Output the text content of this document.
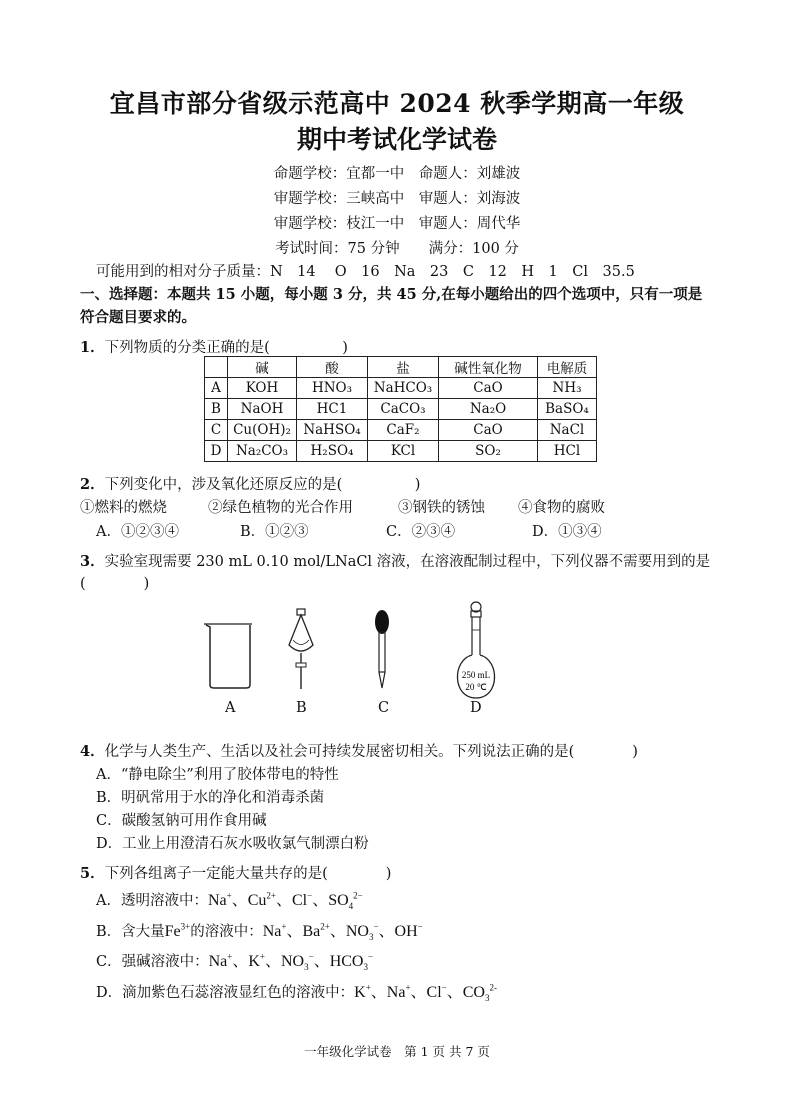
宜昌市部分省级示范高中 2024 秋季学期高一年级
期中考试化学试卷
命题学校：宜都一中　命题人：刘雄波
审题学校：三峡高中　审题人：刘海波
审题学校：枝江一中　审题人：周代华
考试时间：75 分钟　　满分：100 分
可能用到的相对分子质量：N　14　 O　16　Na　23　C　12　H　1　Cl　35.5
一、选择题：本题共 15 小题，每小题 3 分，共 45 分,在每小题给出的四个选项中，只有一项是
符合题目要求的。
1．下列物质的分类正确的是(　　　　　)
	碱	酸	盐	碱性氧化物	电解质
A	KOH	HNO₃	NaHCO₃	CaO	NH₃
B	NaOH	HC1	CaCO₃	Na₂O	BaSO₄
C	Cu(OH)₂	NaHSO₄	CaF₂	CaO	NaCl
D	Na₂CO₃	H₂SO₄	KCl	SO₂	HCl
2．下列变化中，涉及氧化还原反应的是(　　　　　)
①燃料的燃烧	②绿色植物的光合作用	③钢铁的锈蚀 ④食物的腐败
A．①②③④	B．①②③	C．②③④	D．①③④
3．实验室现需要 230 mL 0.10 mol/LNaCl 溶液，在溶液配制过程中，下列仪器不需要用到的是
(　　　　)
250 mL
20 ℃
A	B	C	D
4．化学与人类生产、生活以及社会可持续发展密切相关。下列说法正确的是(　　　　)
A．“静电除尘”利用了胶体带电的特性
B．明矾常用于水的净化和消毒杀菌
C．碳酸氢钠可用作食用碱
D．工业上用澄清石灰水吸收氯气制漂白粉
5．下列各组离子一定能大量共存的是(　　　　)
A．透明溶液中：Na+、$Cu^{2+}$、Cl−、$SO_4^{2-}$
B．含大量$Fe^{3+}$的溶液中：Na+、$Ba^{2+}$、$NO_3^-$、OH−
C．强碱溶液中：Na+、K+、$NO_3^-$、$HCO_3^-$
D．滴加紫色石蕊溶液显红色的溶液中：K+、Na+、Cl−、$CO_3^{2-}$
一年级化学试卷　第 1 页 共 7 页
